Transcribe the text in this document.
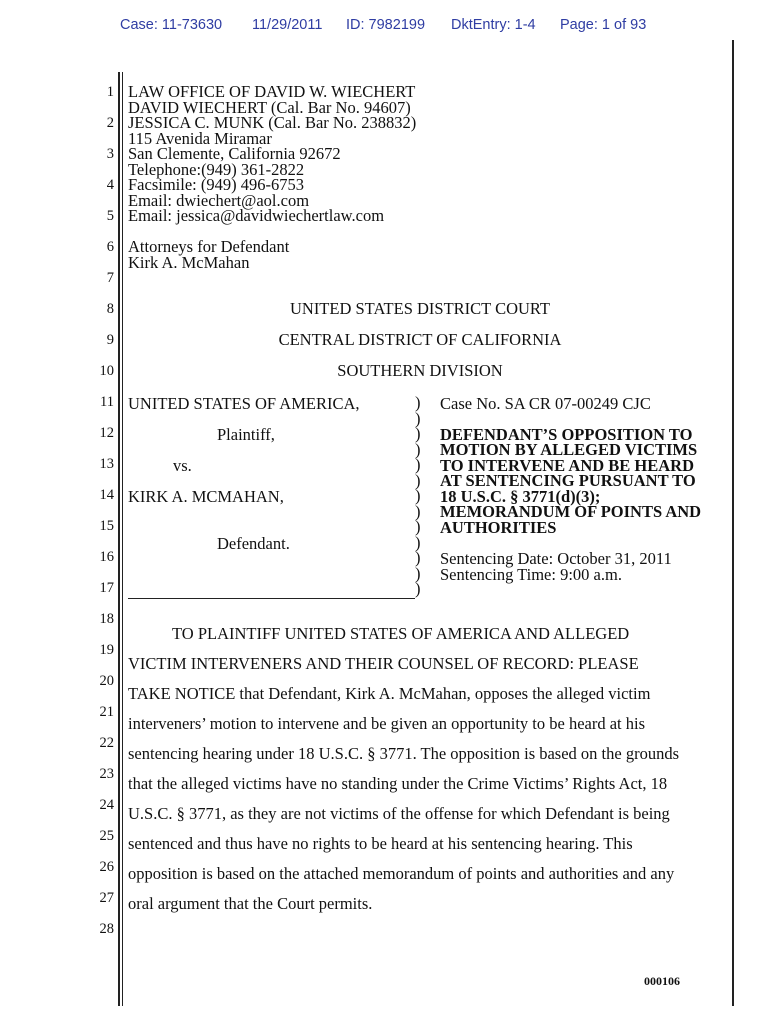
Case: 11-73630 11/29/2011 ID: 7982199 DktEntry: 1-4 Page: 1 of 93
1
2
3
4
5
6
7
8
9
10
11
12
13
14
15
16
17
18
19
20
21
22
23
24
25
26
27
28
LAW OFFICE OF DAVID W. WIECHERT
DAVID WIECHERT (Cal. Bar No. 94607)
JESSICA C. MUNK (Cal. Bar No. 238832)
115 Avenida Miramar
San Clemente, California 92672
Telephone:(949) 361-2822
Facsimile: (949) 496-6753
Email: dwiechert@aol.com
Email: jessica@davidwiechertlaw.com
Attorneys for Defendant
Kirk A. McMahan
UNITED STATES DISTRICT COURT
CENTRAL DISTRICT OF CALIFORNIA
SOUTHERN DIVISION
UNITED STATES OF AMERICA,
Plaintiff,
vs.
KIRK A. MCMAHAN,
Defendant.
)
)
)
)
)
)
)
)
)
)
)
)
)
Case No. SA CR 07-00249 CJC
DEFENDANT’S OPPOSITION TO
MOTION BY ALLEGED VICTIMS
TO INTERVENE AND BE HEARD
AT SENTENCING PURSUANT TO
18 U.S.C. § 3771(d)(3);
MEMORANDUM OF POINTS AND
AUTHORITIES
Sentencing Date: October 31, 2011
Sentencing Time: 9:00 a.m.
TO PLAINTIFF UNITED STATES OF AMERICA AND ALLEGED
VICTIM INTERVENERS AND THEIR COUNSEL OF RECORD: PLEASE
TAKE NOTICE that Defendant, Kirk A. McMahan, opposes the alleged victim
interveners’ motion to intervene and be given an opportunity to be heard at his
sentencing hearing under 18 U.S.C. § 3771. The opposition is based on the grounds
that the alleged victims have no standing under the Crime Victims’ Rights Act, 18
U.S.C. § 3771, as they are not victims of the offense for which Defendant is being
sentenced and thus have no rights to be heard at his sentencing hearing. This
opposition is based on the attached memorandum of points and authorities and any
oral argument that the Court permits.
000106
